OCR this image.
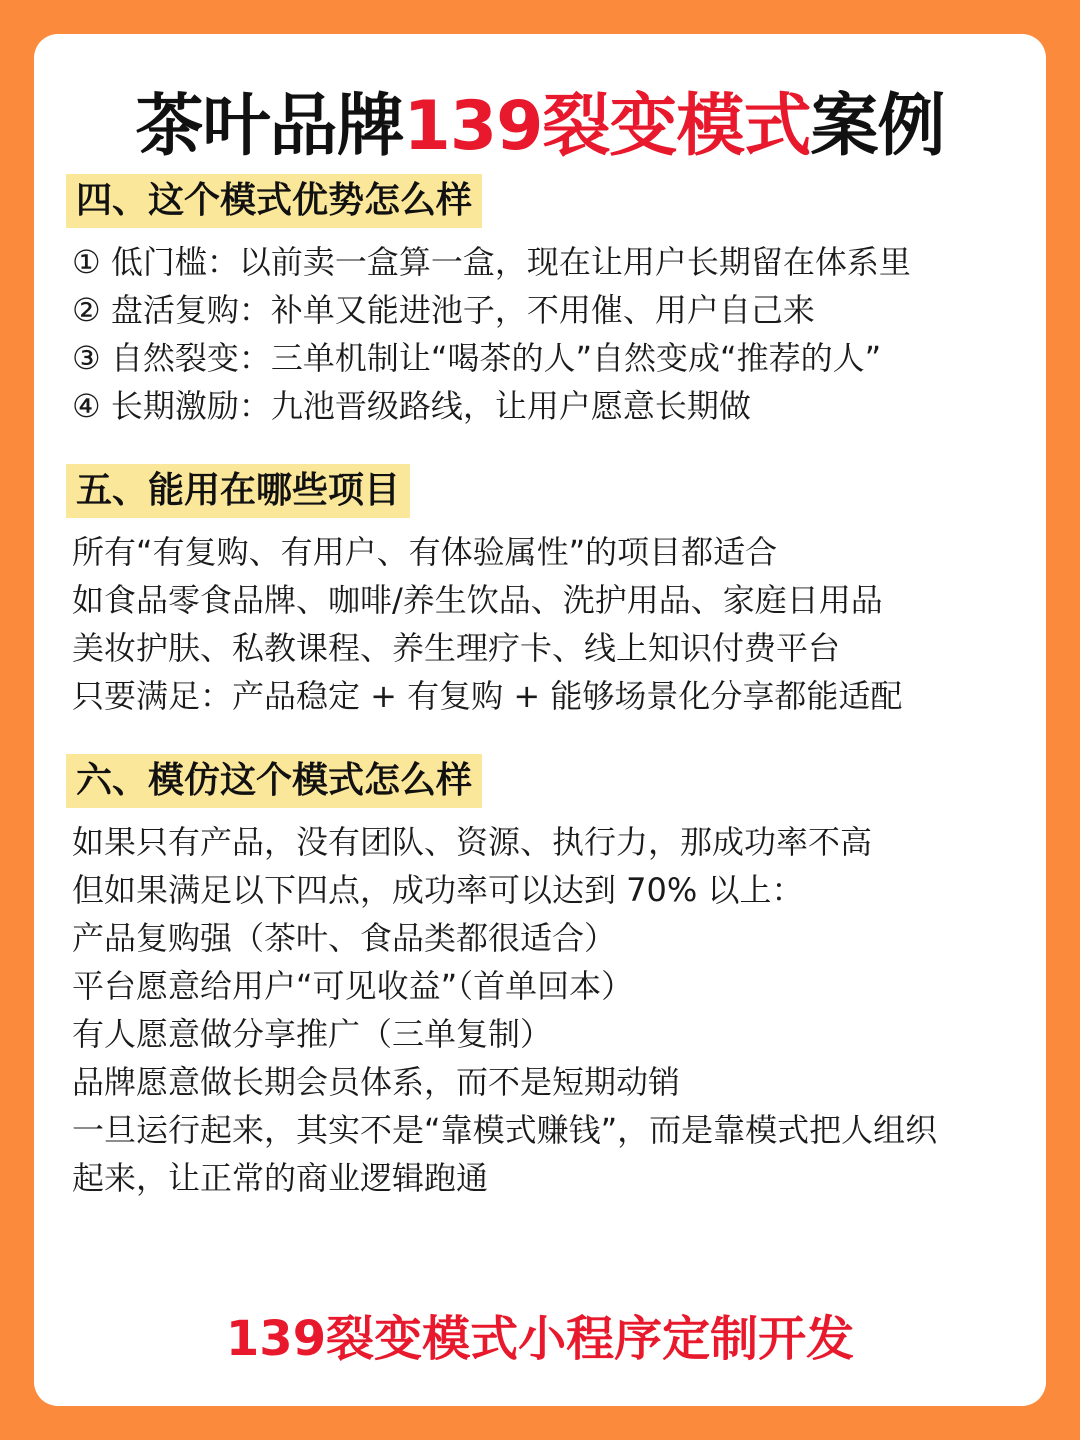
茶叶品牌139裂变模式案例
四、这个模式优势怎么样
① 低门槛：以前卖一盒算一盒，现在让用户长期留在体系里
② 盘活复购：补单又能进池子，不用催、用户自己来
③ 自然裂变：三单机制让“喝茶的人”自然变成“推荐的人”
④ 长期激励：九池晋级路线，让用户愿意长期做
五、能用在哪些项目
所有“有复购、有用户、有体验属性”的项目都适合
如食品零食品牌、咖啡/养生饮品、洗护用品、家庭日用品
美妆护肤、私教课程、养生理疗卡、线上知识付费平台
只要满足：产品稳定 + 有复购 + 能够场景化分享都能适配
六、模仿这个模式怎么样
如果只有产品，没有团队、资源、执行力，那成功率不高
但如果满足以下四点，成功率可以达到 70% 以上：
产品复购强（茶叶、食品类都很适合）
平台愿意给用户“可见收益”（首单回本）
有人愿意做分享推广（三单复制）
品牌愿意做长期会员体系，而不是短期动销
一旦运行起来，其实不是“靠模式赚钱”，而是靠模式把人组织
起来，让正常的商业逻辑跑通
139裂变模式小程序定制开发
